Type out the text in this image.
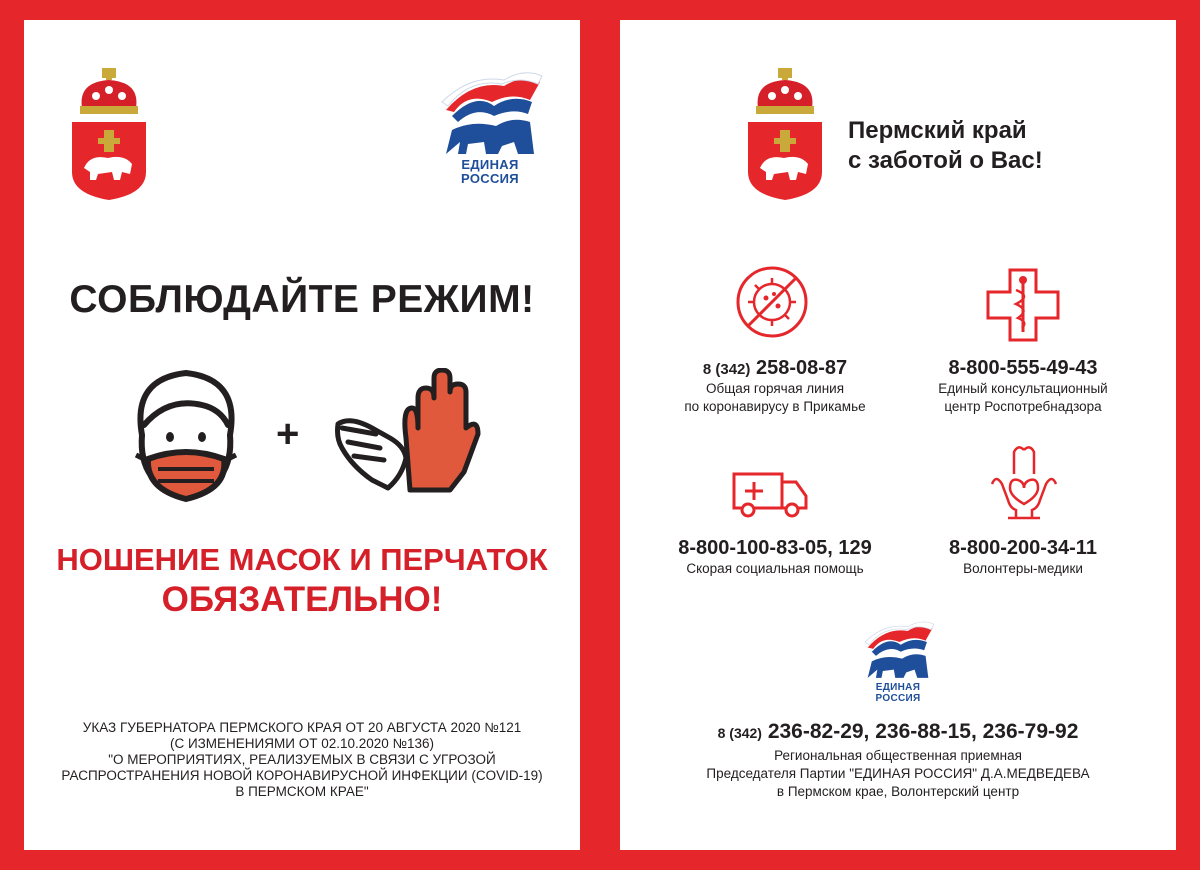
ЕДИНАЯ
РОССИЯ
СОБЛЮДАЙТЕ РЕЖИМ!
+
НОШЕНИЕ МАСОК И ПЕРЧАТОК
ОБЯЗАТЕЛЬНО!
УКАЗ ГУБЕРНАТОРА ПЕРМСКОГО КРАЯ ОТ 20 АВГУСТА 2020 №121
(С ИЗМЕНЕНИЯМИ ОТ 02.10.2020 №136)
"О МЕРОПРИЯТИЯХ, РЕАЛИЗУЕМЫХ В СВЯЗИ С УГРОЗОЙ
РАСПРОСТРАНЕНИЯ НОВОЙ КОРОНАВИРУСНОЙ ИНФЕКЦИИ (COVID-19)
В ПЕРМСКОМ КРАЕ"
Пермский край
с заботой о Вас!
8 (342) 258-08-87
Общая горячая линия
по коронавирусу в Прикамье
8-800-555-49-43
Единый консультационный
центр Роспотребнадзора
8-800-100-83-05, 129
Скорая социальная помощь
8-800-200-34-11
Волонтеры-медики
ЕДИНАЯ
РОССИЯ
8 (342) 236-82-29, 236-88-15, 236-79-92
Региональная общественная приемная
Председателя Партии "ЕДИНАЯ РОССИЯ" Д.А.МЕДВЕДЕВА
в Пермском крае, Волонтерский центр
